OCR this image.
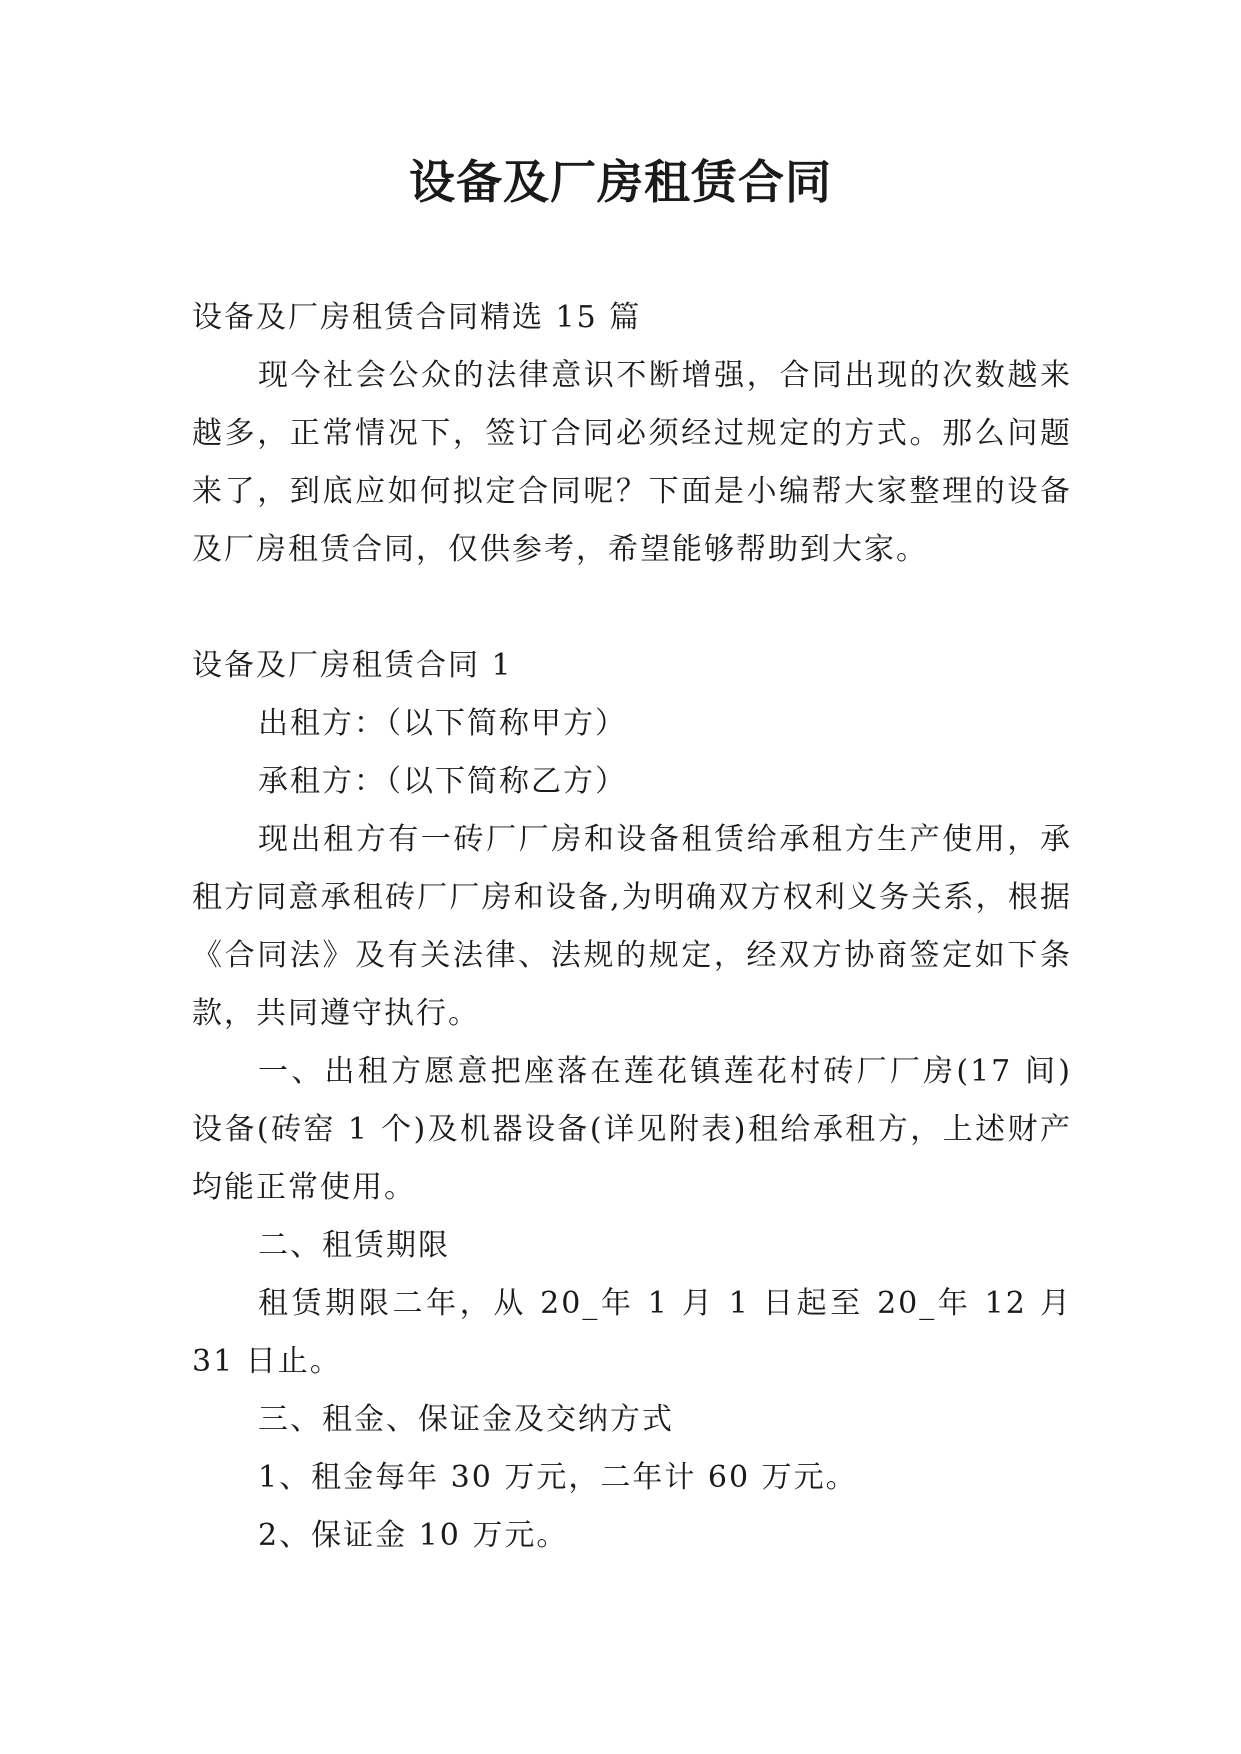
设备及厂房租赁合同

设备及厂房租赁合同精选 15 篇

现今社会公众的法律意识不断增强，合同出现的次数越来越多，正常情况下，签订合同必须经过规定的方式。那么问题来了，到底应如何拟定合同呢？下面是小编帮大家整理的设备及厂房租赁合同，仅供参考，希望能够帮助到大家。

设备及厂房租赁合同 1

出租方：（以下简称甲方）

承租方：（以下简称乙方）

现出租方有一砖厂厂房和设备租赁给承租方生产使用，承租方同意承租砖厂厂房和设备,为明确双方权利义务关系，根据《合同法》及有关法律、法规的规定，经双方协商签定如下条款，共同遵守执行。

一、出租方愿意把座落在莲花镇莲花村砖厂厂房(17 间)设备(砖窑 1 个)及机器设备(详见附表)租给承租方，上述财产均能正常使用。

二、租赁期限

租赁期限二年，从 20_年 1 月 1 日起至 20_年 12 月 31 日止。

三、租金、保证金及交纳方式

1、租金每年 30 万元，二年计 60 万元。

2、保证金 10 万元。
